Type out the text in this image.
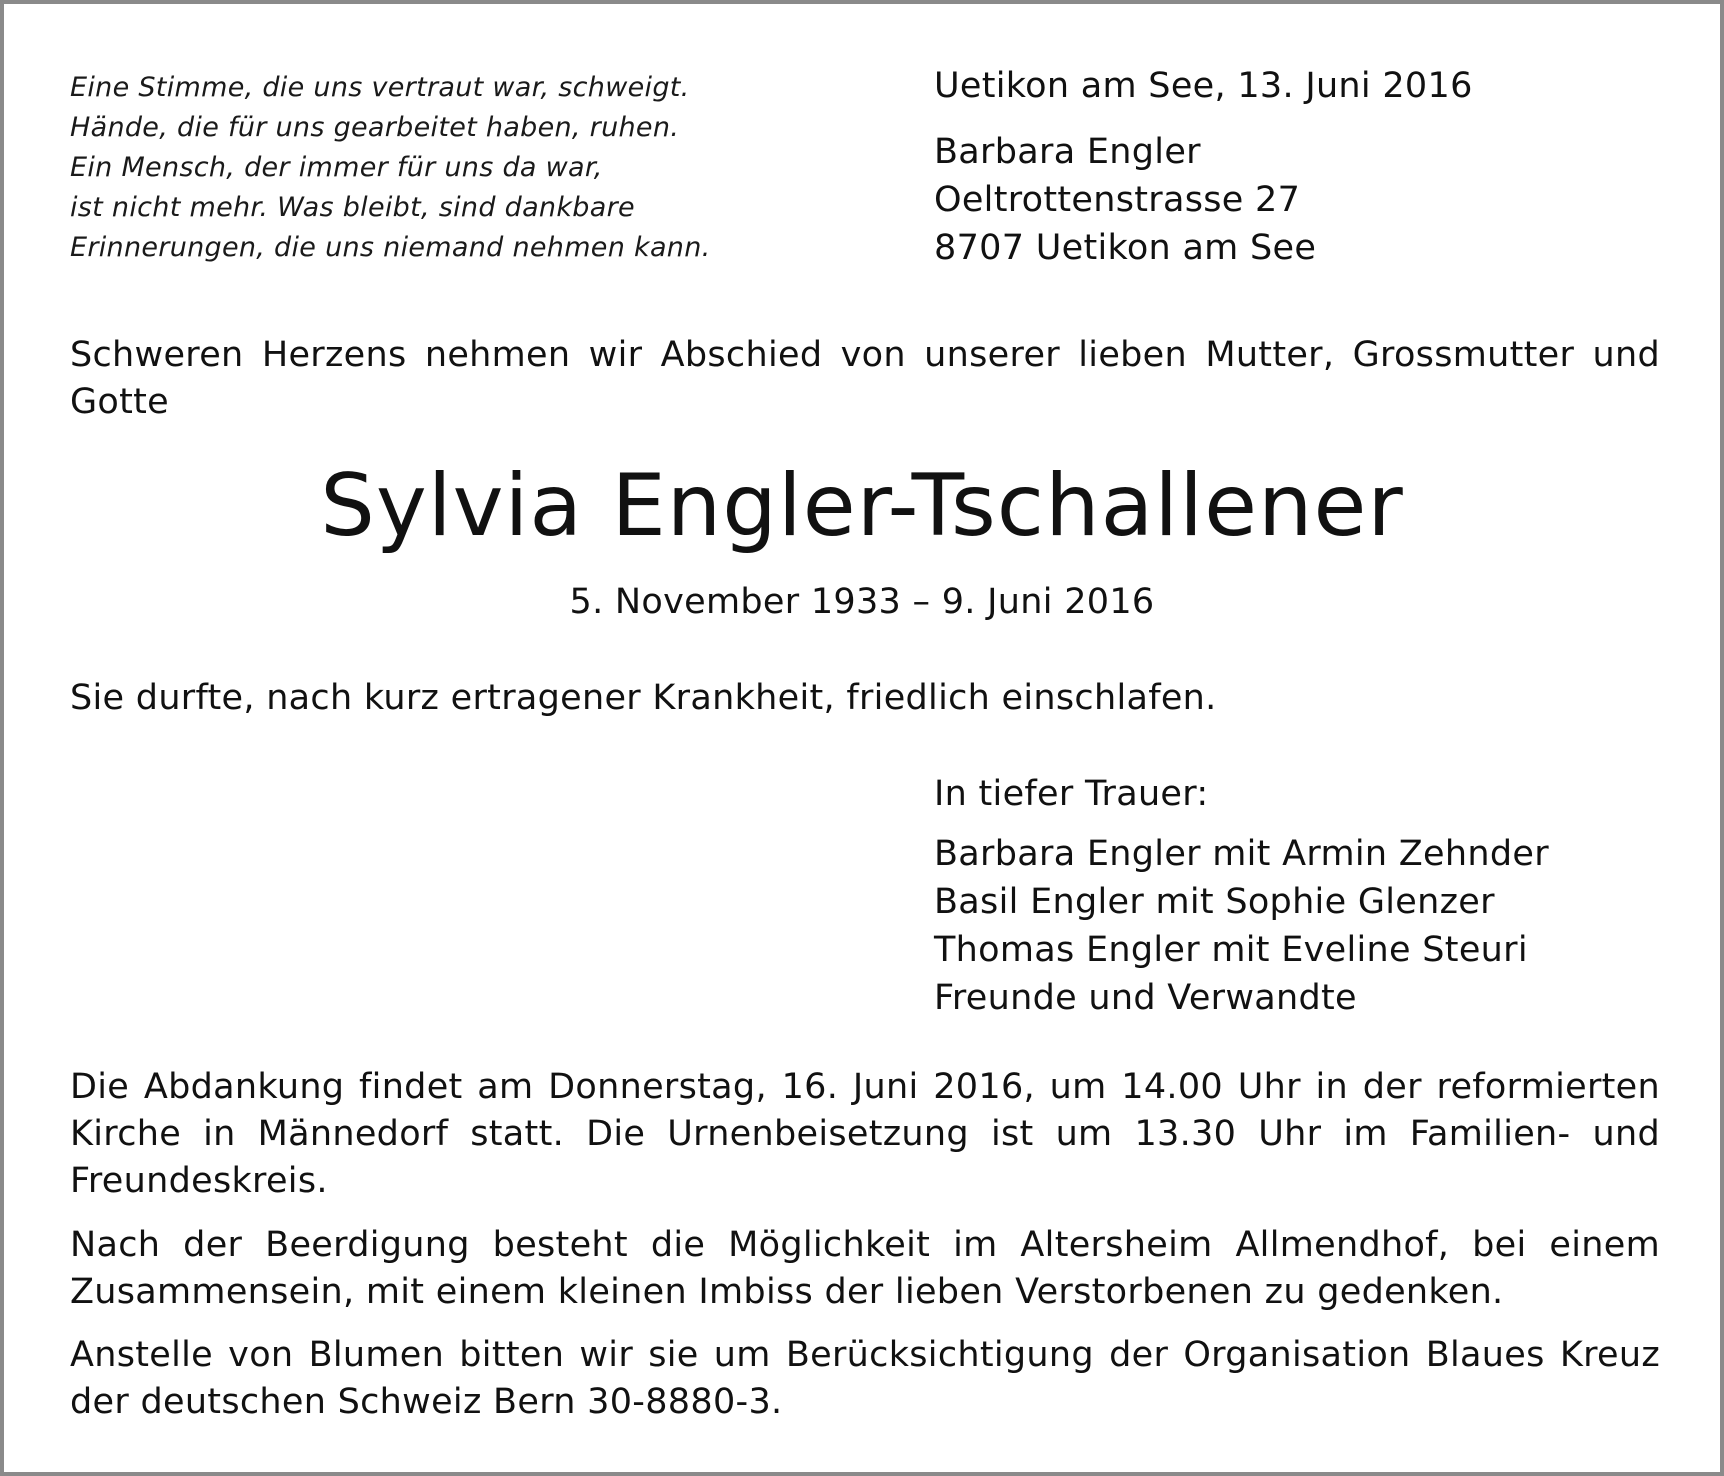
Eine Stimme, die uns vertraut war, schweigt.
Hände, die für uns gearbeitet haben, ruhen.
Ein Mensch, der immer für uns da war,
ist nicht mehr. Was bleibt, sind dankbare
Erinnerungen, die uns niemand nehmen kann.
Uetikon am See, 13. Juni 2016
Barbara Engler
Oeltrottenstrasse 27
8707 Uetikon am See
Schweren Herzens nehmen wir Abschied von unserer lieben Mutter, Grossmutter und Gotte
Sylvia Engler-Tschallener
5. November 1933 – 9. Juni 2016
Sie durfte, nach kurz ertragener Krankheit, friedlich einschlafen.
In tiefer Trauer:
Barbara Engler mit Armin Zehnder
Basil Engler mit Sophie Glenzer
Thomas Engler mit Eveline Steuri
Freunde und Verwandte
Die Abdankung findet am Donnerstag, 16. Juni 2016, um 14.00 Uhr in der reformierten Kirche in Männedorf statt. Die Urnenbeisetzung ist um 13.30 Uhr im Familien- und Freundeskreis.
Nach der Beerdigung besteht die Möglichkeit im Altersheim Allmendhof, bei einem Zusammensein, mit einem kleinen Imbiss der lieben Verstorbenen zu gedenken.
Anstelle von Blumen bitten wir sie um Berücksichtigung der Organisation Blaues Kreuz der deutschen Schweiz Bern 30-8880-3.
